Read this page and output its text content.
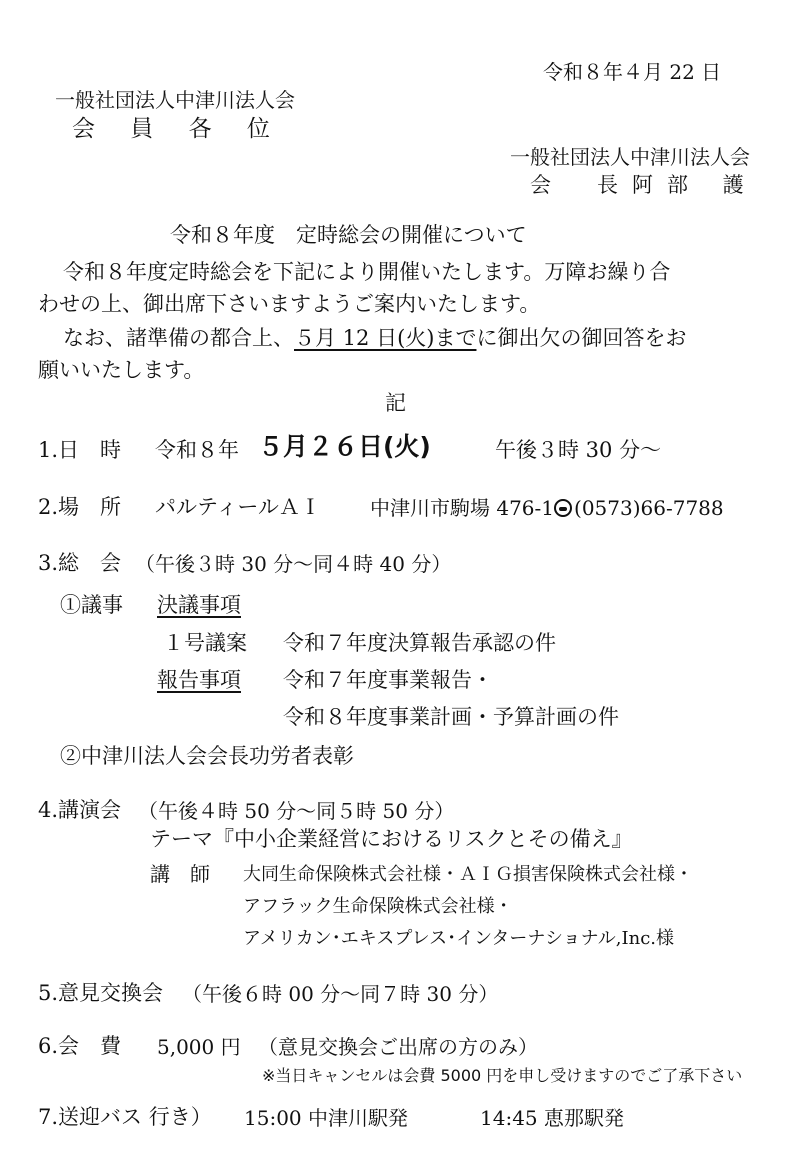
令和８年４月 22 日
一般社団法人中津川法人会
会 員 各 位
一般社団法人中津川法人会
会 長阿部 護
令和８年度　定時総会の開催について
令和８年度定時総会を下記により開催いたします。万障お繰り合
わせの上、御出席下さいますようご案内いたします。
なお、諸準備の都合上、５月 12 日(火)までに御出欠の御回答をお
願いいたします。
記
1.日　時 令和８年 ５月２６日(火)	午後３時 30 分～
2.場　所 パルティールＡＩ 中津川市駒場 476-1 (0573)66-7788
3.総　会 （午後３時 30 分～同４時 40 分）
①議事 決議事項
１号議案 令和７年度決算報告承認の件
報告事項 令和７年度事業報告・
令和８年度事業計画・予算計画の件
②中津川法人会会長功労者表彰
4.講演会 （午後４時 50 分～同５時 50 分）
テーマ『中小企業経営におけるリスクとその備え』
講　師 大同生命保険株式会社様・ＡＩＧ損害保険株式会社様・
アフラック生命保険株式会社様・
アメリカン･エキスプレス･インターナショナル,Inc.様
5.意見交換会 （午後６時 00 分～同７時 30 分）
6.会　費 5,000 円 （意見交換会ご出席の方のみ）
※当日キャンセルは会費 5000 円を申し受けますのでご了承下さい
7.送迎バス 行き） 15:00 中津川駅発	14:45 恵那駅発
